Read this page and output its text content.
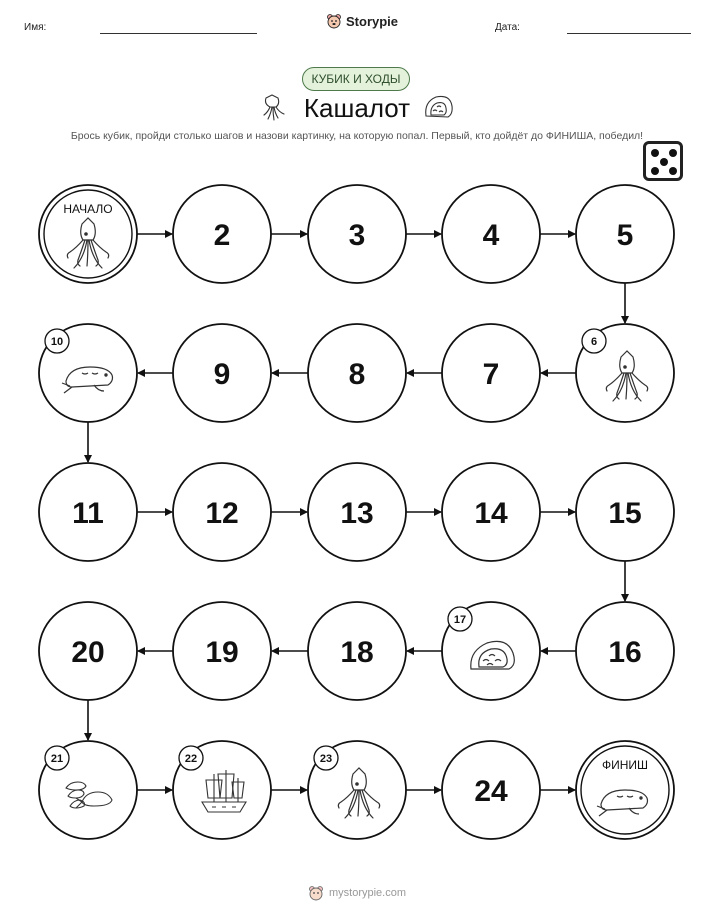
Имя:	Storypie	Дата:
КУБИК И ХОДЫ
Кашалот
Брось кубик, пройди столько шагов и назови картинку, на которую попал. Первый, кто дойдёт до ФИНИША, победил!
НАЧАЛО
2	3	4	5
6
7
8
9
10
11	12	13	14	15
16
17
18
19
20
21	22	23
24
ФИНИШ
mystorypie.com
